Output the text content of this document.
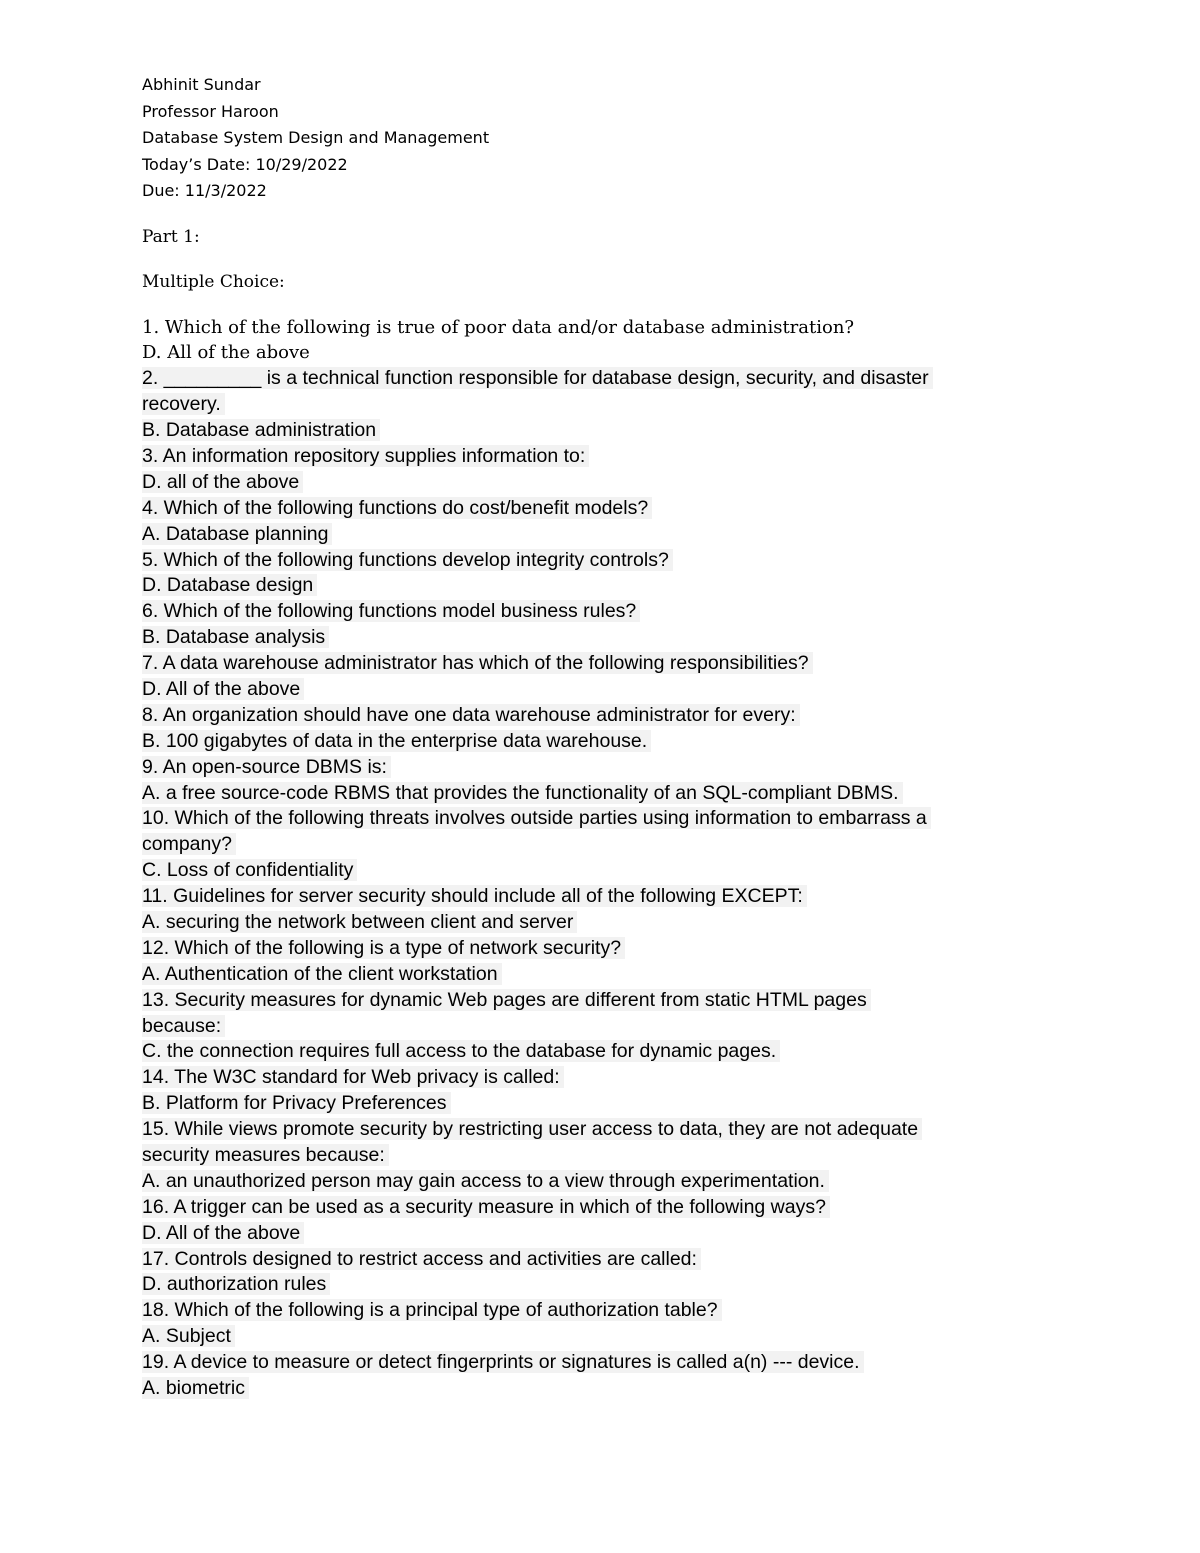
Abhinit Sundar
Professor Haroon
Database System Design and Management
Today’s Date: 10/29/2022
Due: 11/3/2022
Part 1:
Multiple Choice:
1. Which of the following is true of poor data and/or database administration?
D. All of the above
2. _________ is a technical function responsible for database design, security, and disaster
recovery.
B. Database administration
3. An information repository supplies information to:
D. all of the above
4. Which of the following functions do cost/benefit models?
A. Database planning
5. Which of the following functions develop integrity controls?
D. Database design
6. Which of the following functions model business rules?
B. Database analysis
7. A data warehouse administrator has which of the following responsibilities?
D. All of the above
8. An organization should have one data warehouse administrator for every:
B. 100 gigabytes of data in the enterprise data warehouse.
9. An open-source DBMS is:
A. a free source-code RBMS that provides the functionality of an SQL-compliant DBMS.
10. Which of the following threats involves outside parties using information to embarrass a
company?
C. Loss of confidentiality
11. Guidelines for server security should include all of the following EXCEPT:
A. securing the network between client and server
12. Which of the following is a type of network security?
A. Authentication of the client workstation
13. Security measures for dynamic Web pages are different from static HTML pages
because:
C. the connection requires full access to the database for dynamic pages.
14. The W3C standard for Web privacy is called:
B. Platform for Privacy Preferences
15. While views promote security by restricting user access to data, they are not adequate
security measures because:
A. an unauthorized person may gain access to a view through experimentation.
16. A trigger can be used as a security measure in which of the following ways?
D. All of the above
17. Controls designed to restrict access and activities are called:
D. authorization rules
18. Which of the following is a principal type of authorization table?
A. Subject
19. A device to measure or detect fingerprints or signatures is called a(n) --- device.
A. biometric
